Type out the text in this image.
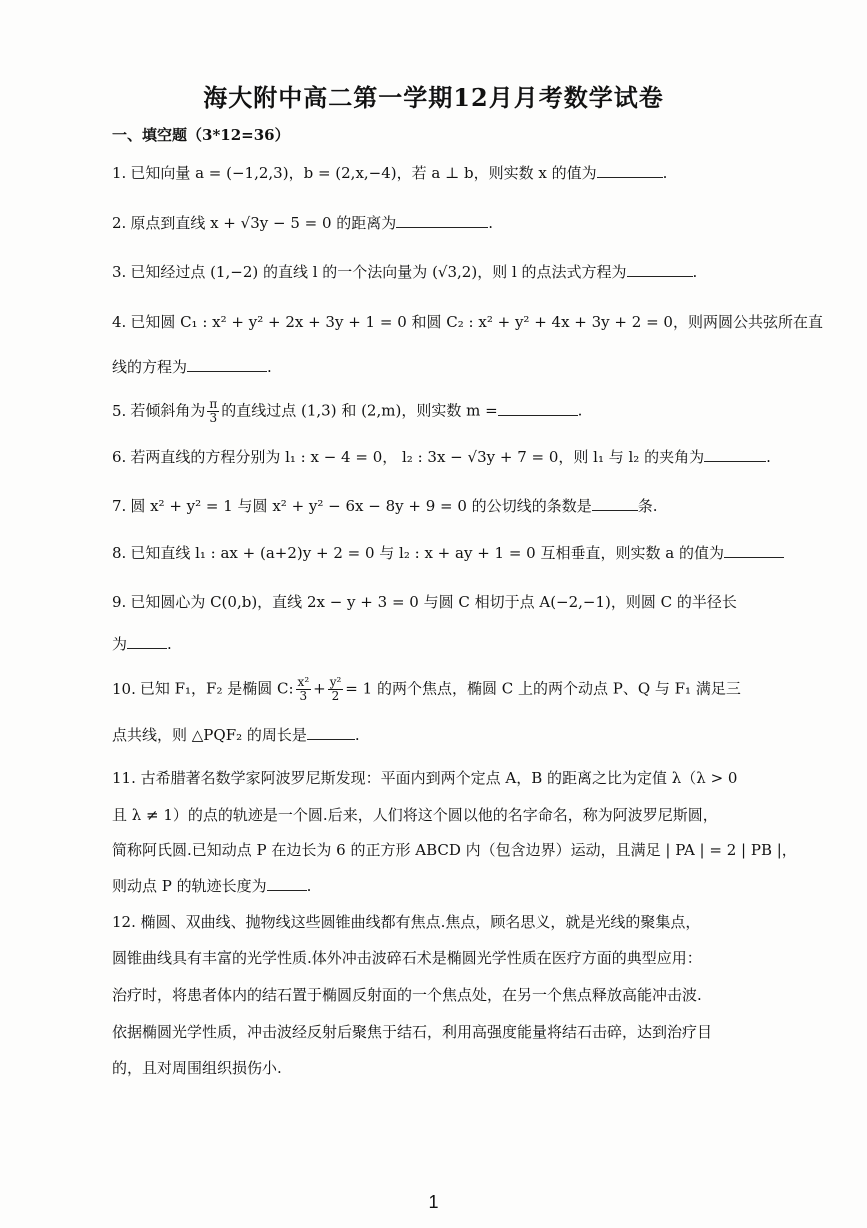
海大附中高二第一学期12月月考数学试卷
一、填空题（3*12=36）
1. 已知向量 a = (−1,2,3)，b = (2,x,−4)，若 a ⊥ b，则实数 x 的值为	.
2. 原点到直线 x + √3y − 5 = 0 的距离为	.
3. 已知经过点 (1,−2) 的直线 l 的一个法向量为 (√3,2)，则 l 的点法式方程为	.
4. 已知圆 C₁ : x² + y² + 2x + 3y + 1 = 0 和圆 C₂ : x² + y² + 4x + 3y + 2 = 0，则两圆公共弦所在直
线的方程为	.
5. 若倾斜角为 $\frac{\pi}{3}$ 的直线过点 (1,3) 和 (2,m)，则实数 m =	.
6. 若两直线的方程分别为 l₁ : x − 4 = 0， l₂ : 3x − √3y + 7 = 0，则 l₁ 与 l₂ 的夹角为	.
7. 圆 x² + y² = 1 与圆 x² + y² − 6x − 8y + 9 = 0 的公切线的条数是	条.
8. 已知直线 l₁ : ax + (a+2)y + 2 = 0 与 l₂ : x + ay + 1 = 0 互相垂直，则实数 a 的值为
9. 已知圆心为 C(0,b)，直线 2x − y + 3 = 0 与圆 C 相切于点 A(−2,−1)，则圆 C 的半径长
为	.
10. 已知 F₁，F₂ 是椭圆 C: $\frac{\text{x²}}{3} + \frac{\text{y²}}{2} = 1$ 的两个焦点，椭圆 C 上的两个动点 P、Q 与 F₁ 满足三
点共线，则 △PQF₂ 的周长是	.
11. 古希腊著名数学家阿波罗尼斯发现：平面内到两个定点 A，B 的距离之比为定值 λ（λ > 0
且 λ ≠ 1）的点的轨迹是一个圆.后来，人们将这个圆以他的名字命名，称为阿波罗尼斯圆，
简称阿氏圆.已知动点 P 在边长为 6 的正方形 ABCD 内（包含边界）运动，且满足 | PA | = 2 | PB |，
则动点 P 的轨迹长度为	.
12. 椭圆、双曲线、抛物线这些圆锥曲线都有焦点.焦点，顾名思义，就是光线的聚集点，
圆锥曲线具有丰富的光学性质.体外冲击波碎石术是椭圆光学性质在医疗方面的典型应用：
治疗时，将患者体内的结石置于椭圆反射面的一个焦点处，在另一个焦点释放高能冲击波.
依据椭圆光学性质，冲击波经反射后聚焦于结石，利用高强度能量将结石击碎，达到治疗目
的，且对周围组织损伤小.
1
